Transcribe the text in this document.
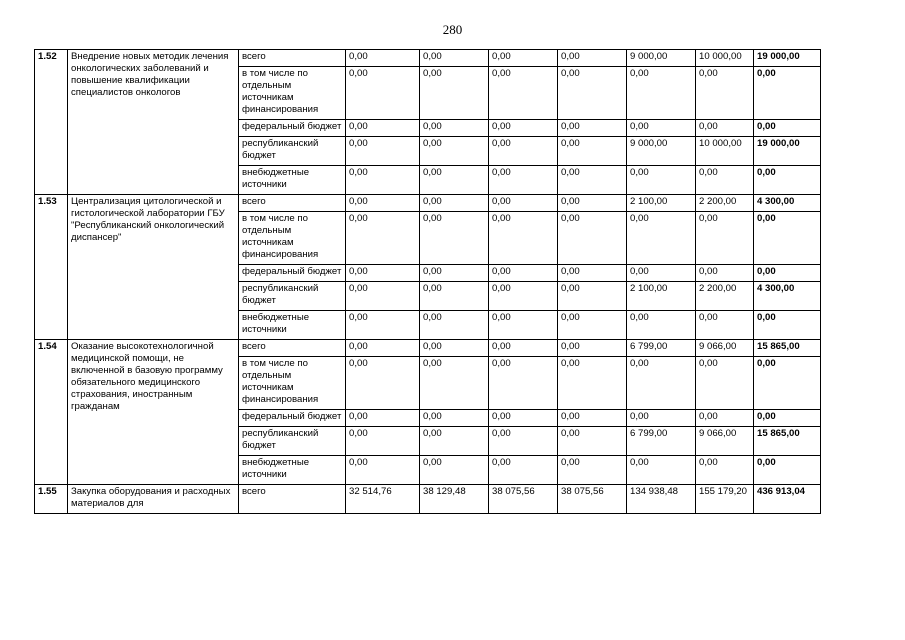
280
1.52	Внедрение новых методик лечения онкологических заболеваний и повышение квалификации специалистов онкологов	всего	0,00	0,00	0,00	0,00	9 000,00	10 000,00	19 000,00
		в том числе по отдельным источникам финансирования	0,00	0,00	0,00	0,00	0,00	0,00	0,00
		федеральный бюджет	0,00	0,00	0,00	0,00	0,00	0,00	0,00
		республиканский бюджет	0,00	0,00	0,00	0,00	9 000,00	10 000,00	19 000,00
		внебюджетные источники	0,00	0,00	0,00	0,00	0,00	0,00	0,00
1.53	Централизация цитологической и гистологической лаборатории ГБУ "Республиканский онкологический диспансер"	всего	0,00	0,00	0,00	0,00	2 100,00	2 200,00	4 300,00
		в том числе по отдельным источникам финансирования	0,00	0,00	0,00	0,00	0,00	0,00	0,00
		федеральный бюджет	0,00	0,00	0,00	0,00	0,00	0,00	0,00
		республиканский бюджет	0,00	0,00	0,00	0,00	2 100,00	2 200,00	4 300,00
		внебюджетные источники	0,00	0,00	0,00	0,00	0,00	0,00	0,00
1.54	Оказание высокотехнологичной медицинской помощи, не включенной в базовую программу обязательного медицинского страхования, иностранным гражданам	всего	0,00	0,00	0,00	0,00	6 799,00	9 066,00	15 865,00
		в том числе по отдельным источникам финансирования	0,00	0,00	0,00	0,00	0,00	0,00	0,00
		федеральный бюджет	0,00	0,00	0,00	0,00	0,00	0,00	0,00
		республиканский бюджет	0,00	0,00	0,00	0,00	6 799,00	9 066,00	15 865,00
		внебюджетные источники	0,00	0,00	0,00	0,00	0,00	0,00	0,00
1.55	Закупка оборудования и расходных материалов для	всего	32 514,76	38 129,48	38 075,56	38 075,56	134 938,48	155 179,20	436 913,04
